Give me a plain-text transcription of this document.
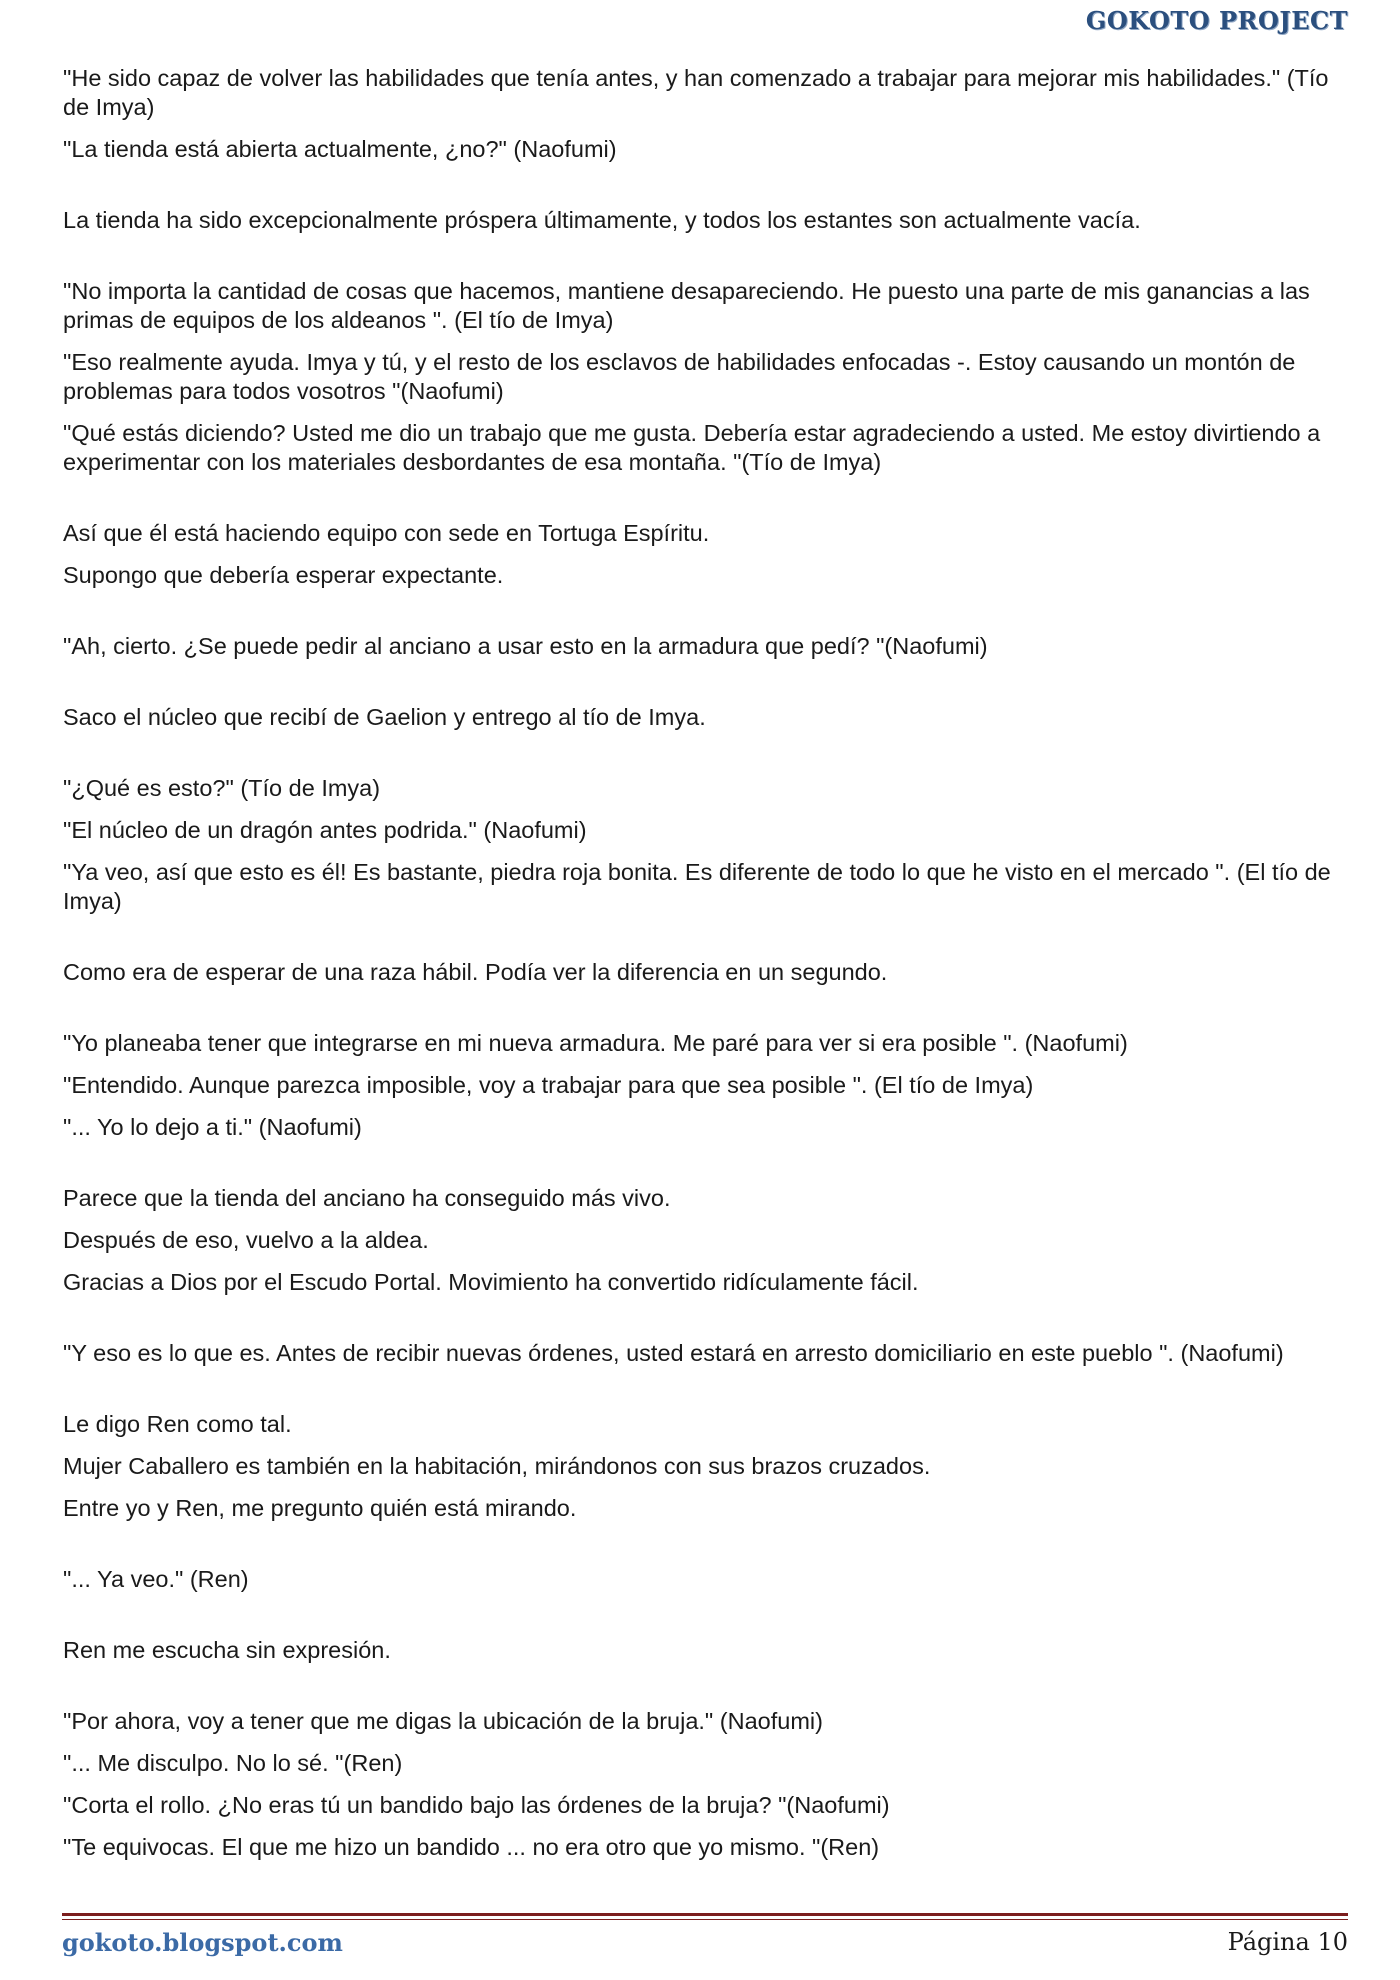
GOKOTO PROJECT

"He sido capaz de volver las habilidades que tenía antes, y han comenzado a trabajar para mejorar mis habilidades." (Tío de Imya)

"La tienda está abierta actualmente, ¿no?" (Naofumi)

La tienda ha sido excepcionalmente próspera últimamente, y todos los estantes son actualmente vacía.

"No importa la cantidad de cosas que hacemos, mantiene desapareciendo. He puesto una parte de mis ganancias a las primas de equipos de los aldeanos ". (El tío de Imya)

"Eso realmente ayuda. Imya y tú, y el resto de los esclavos de habilidades enfocadas -. Estoy causando un montón de problemas para todos vosotros "(Naofumi)

"Qué estás diciendo? Usted me dio un trabajo que me gusta. Debería estar agradeciendo a usted. Me estoy divirtiendo a experimentar con los materiales desbordantes de esa montaña. "(Tío de Imya)

Así que él está haciendo equipo con sede en Tortuga Espíritu.

Supongo que debería esperar expectante.

"Ah, cierto. ¿Se puede pedir al anciano a usar esto en la armadura que pedí? "(Naofumi)

Saco el núcleo que recibí de Gaelion y entrego al tío de Imya.

"¿Qué es esto?" (Tío de Imya)

"El núcleo de un dragón antes podrida." (Naofumi)

"Ya veo, así que esto es él! Es bastante, piedra roja bonita. Es diferente de todo lo que he visto en el mercado ". (El tío de Imya)

Como era de esperar de una raza hábil. Podía ver la diferencia en un segundo.

"Yo planeaba tener que integrarse en mi nueva armadura. Me paré para ver si era posible ". (Naofumi)

"Entendido. Aunque parezca imposible, voy a trabajar para que sea posible ". (El tío de Imya)

"... Yo lo dejo a ti." (Naofumi)

Parece que la tienda del anciano ha conseguido más vivo.

Después de eso, vuelvo a la aldea.

Gracias a Dios por el Escudo Portal. Movimiento ha convertido ridículamente fácil.

"Y eso es lo que es. Antes de recibir nuevas órdenes, usted estará en arresto domiciliario en este pueblo ". (Naofumi)

Le digo Ren como tal.

Mujer Caballero es también en la habitación, mirándonos con sus brazos cruzados.

Entre yo y Ren, me pregunto quién está mirando.

"... Ya veo." (Ren)

Ren me escucha sin expresión.

"Por ahora, voy a tener que me digas la ubicación de la bruja." (Naofumi)

"... Me disculpo. No lo sé. "(Ren)

"Corta el rollo. ¿No eras tú un bandido bajo las órdenes de la bruja? "(Naofumi)

"Te equivocas. El que me hizo un bandido ... no era otro que yo mismo. "(Ren)

gokoto.blogspot.com	Página 10
